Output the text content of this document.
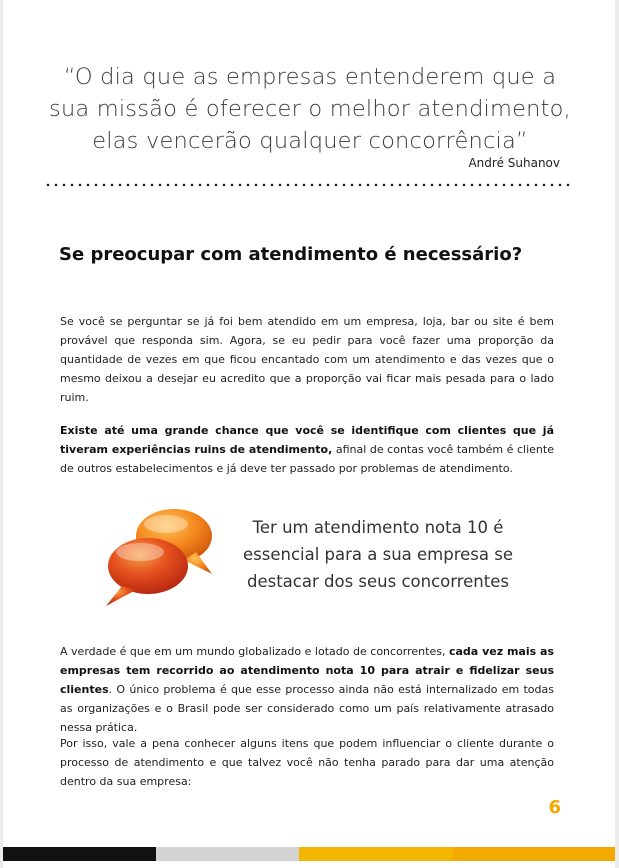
“O dia que as empresas entenderem que a
sua missão é oferecer o melhor atendimento,
elas vencerão qualquer concorrência”
André Suhanov
Se preocupar com atendimento é necessário?
Se você se perguntar se já foi bem atendido em um empresa, loja, bar ou site é bem provável que responda sim. Agora, se eu pedir para você fazer uma proporção da quantidade de vezes em que ficou encantado com um atendimento e das vezes que o mesmo deixou a desejar eu acredito que a proporção vai ficar mais pesada para o lado ruim.
Existe até uma grande chance que você se identifique com clientes que já tiveram experiências ruins de atendimento, afinal de contas você também é cliente de outros estabelecimentos e já deve ter passado por problemas de atendimento.
Ter um atendimento nota 10 é
essencial para a sua empresa se
destacar dos seus concorrentes
A verdade é que em um mundo globalizado e lotado de concorrentes, cada vez mais as empresas tem recorrido ao atendimento nota 10 para atrair e fidelizar seus clientes. O único problema é que esse processo ainda não está internalizado em todas as organizações e o Brasil pode ser considerado como um país relativamente atrasado nessa prática.
Por isso, vale a pena conhecer alguns itens que podem influenciar o cliente durante o processo de atendimento e que talvez você não tenha parado para dar uma atenção dentro da sua empresa:
6
